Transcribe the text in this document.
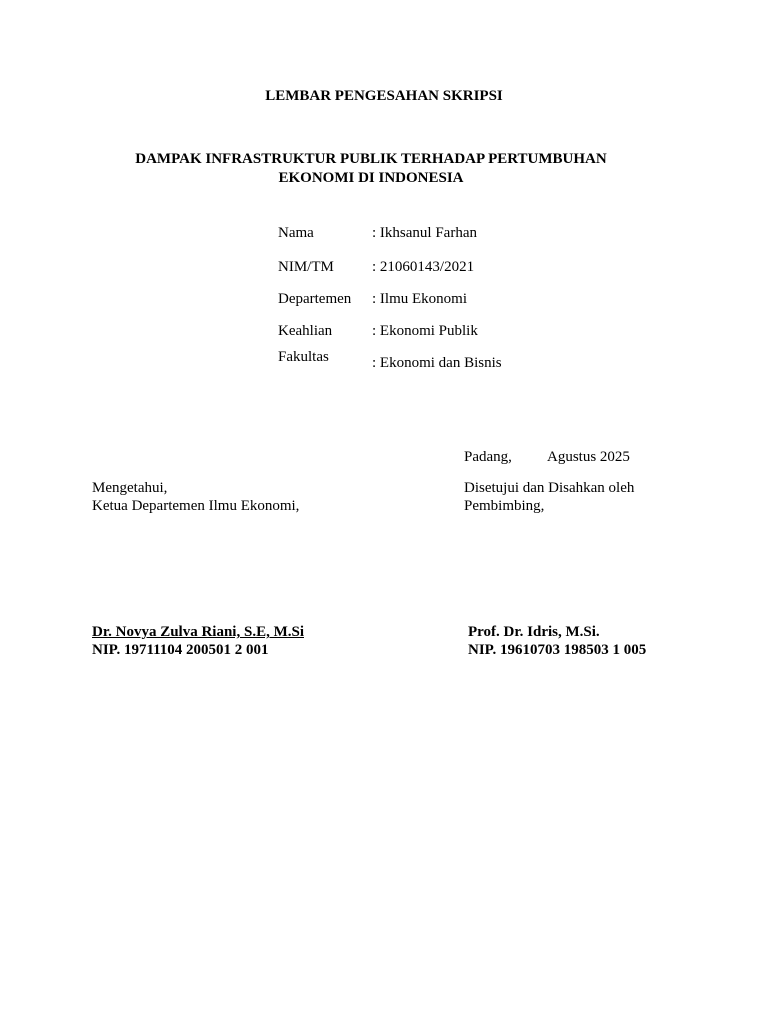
LEMBAR PENGESAHAN SKRIPSI
DAMPAK INFRASTRUKTUR PUBLIK TERHADAP PERTUMBUHAN
EKONOMI DI INDONESIA
Nama	: Ikhsanul Farhan
NIM/TM	: 21060143/2021
Departemen : Ilmu Ekonomi
Keahlian	: Ekonomi Publik
Fakultas	: Ekonomi dan Bisnis
Padang, Agustus 2025
Mengetahui,
Ketua Departemen Ilmu Ekonomi,
Dr. Novya Zulva Riani, S.E, M.Si
NIP. 19711104 200501 2 001
Disetujui dan Disahkan oleh
Pembimbing,
Prof. Dr. Idris, M.Si.
NIP. 19610703 198503 1 005
